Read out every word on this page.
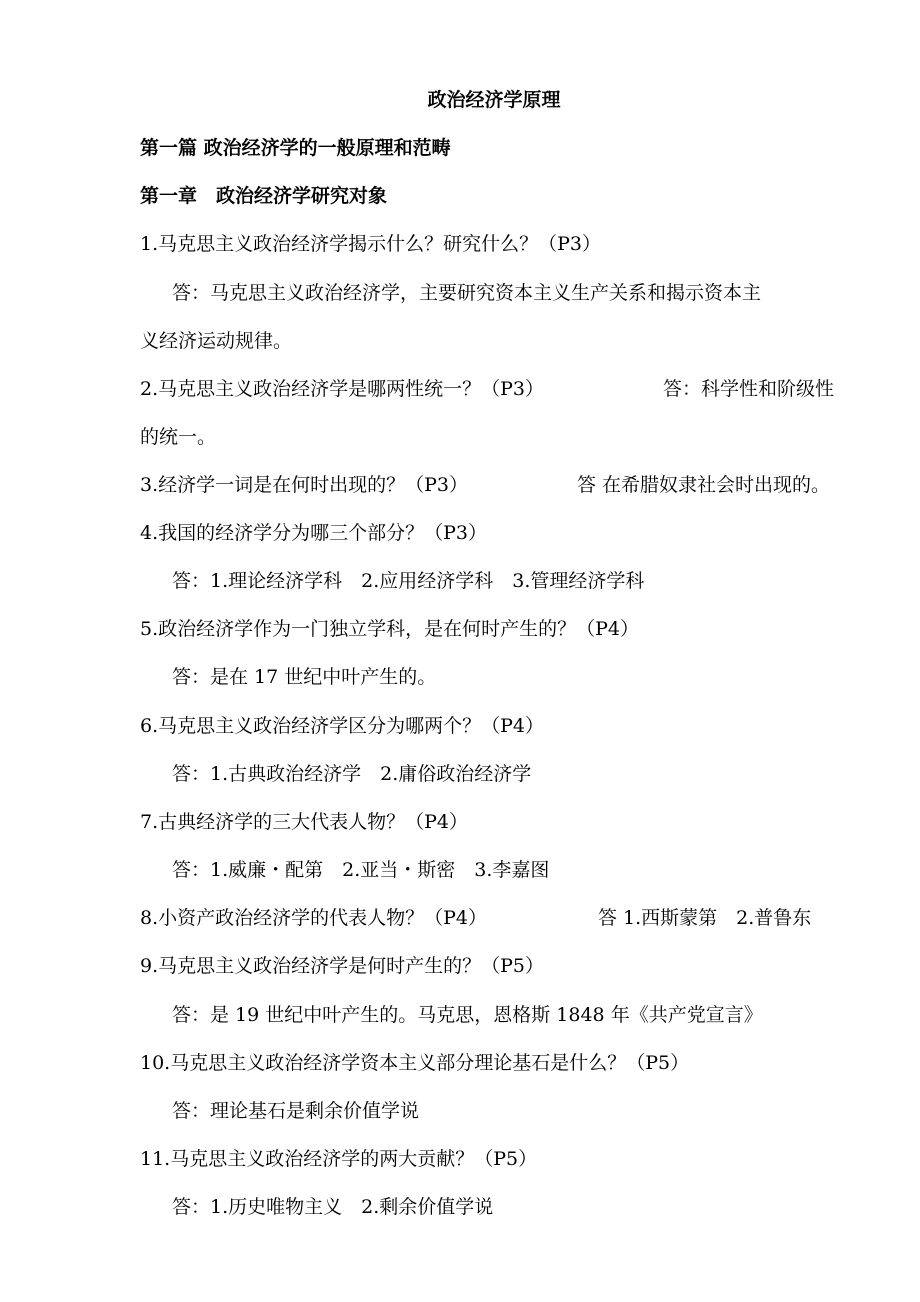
政治经济学原理
第一篇 政治经济学的一般原理和范畴
第一章　政治经济学研究对象
1.马克思主义政治经济学揭示什么？研究什么？（P3）
答：马克思主义政治经济学，主要研究资本主义生产关系和揭示资本主
义经济运动规律。
2.马克思主义政治经济学是哪两性统一？（P3）	答：科学性和阶级性
的统一。
3.经济学一词是在何时出现的？（P3）	答 在希腊奴隶社会时出现的。
4.我国的经济学分为哪三个部分？（P3）
答：1.理论经济学科　2.应用经济学科　3.管理经济学科
5.政治经济学作为一门独立学科，是在何时产生的？（P4）
答：是在 17 世纪中叶产生的。
6.马克思主义政治经济学区分为哪两个？（P4）
答：1.古典政治经济学　2.庸俗政治经济学
7.古典经济学的三大代表人物？（P4）
答：1.威廉・配第　2.亚当・斯密　3.李嘉图
8.小资产政治经济学的代表人物？（P4）	答 1.西斯蒙第　2.普鲁东
9.马克思主义政治经济学是何时产生的？（P5）
答：是 19 世纪中叶产生的。马克思，恩格斯 1848 年《共产党宣言》
10.马克思主义政治经济学资本主义部分理论基石是什么？（P5）
答：理论基石是剩余价值学说
11.马克思主义政治经济学的两大贡献？（P5）
答：1.历史唯物主义　2.剩余价值学说
